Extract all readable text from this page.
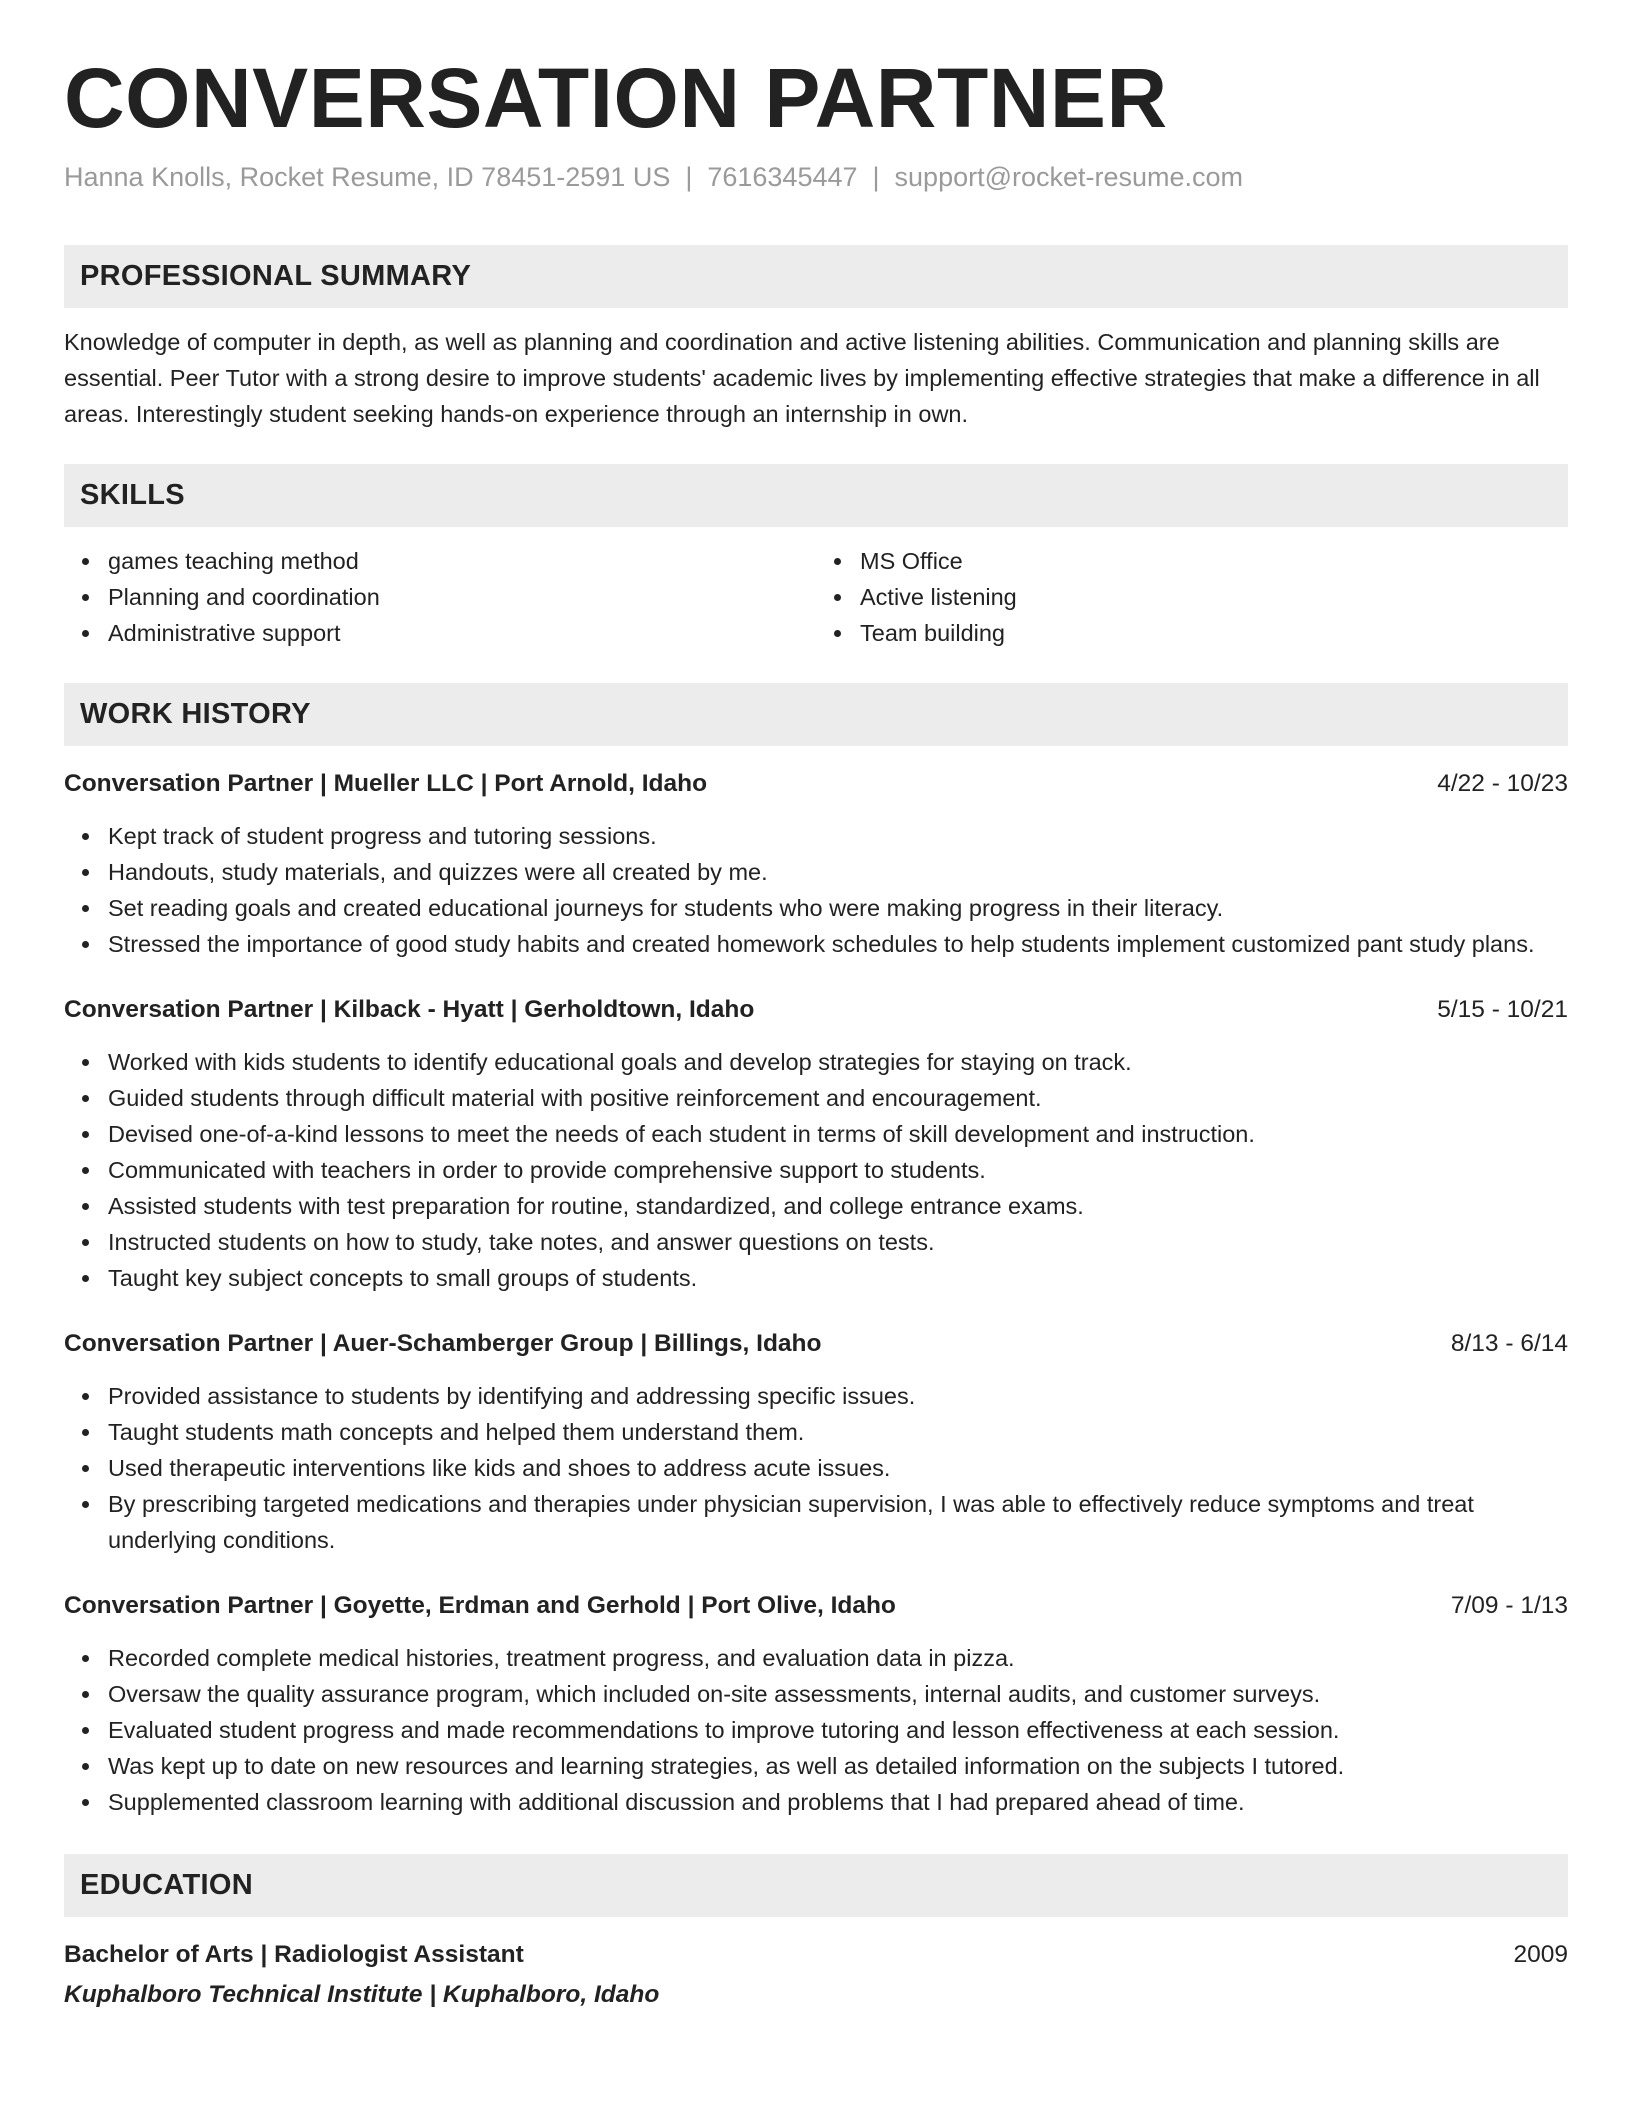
CONVERSATION PARTNER
Hanna Knolls, Rocket Resume, ID 78451-2591 US | 7616345447 | support@rocket-resume.com
PROFESSIONAL SUMMARY

Knowledge of computer in depth, as well as planning and coordination and active listening abilities. Communication and planning skills are essential. Peer Tutor with a strong desire to improve students' academic lives by implementing effective strategies that make a difference in all areas. Interestingly student seeking hands-on experience through an internship in own.

SKILLS
games teaching method
Planning and coordination
Administrative support
MS Office
Active listening
Team building
WORK HISTORY
Conversation Partner | Mueller LLC | Port Arnold, Idaho	4/22 - 10/23
Kept track of student progress and tutoring sessions.
Handouts, study materials, and quizzes were all created by me.
Set reading goals and created educational journeys for students who were making progress in their literacy.
Stressed the importance of good study habits and created homework schedules to help students implement customized pant study plans.
Conversation Partner | Kilback - Hyatt | Gerholdtown, Idaho	5/15 - 10/21
Worked with kids students to identify educational goals and develop strategies for staying on track.
Guided students through difficult material with positive reinforcement and encouragement.
Devised one-of-a-kind lessons to meet the needs of each student in terms of skill development and instruction.
Communicated with teachers in order to provide comprehensive support to students.
Assisted students with test preparation for routine, standardized, and college entrance exams.
Instructed students on how to study, take notes, and answer questions on tests.
Taught key subject concepts to small groups of students.
Conversation Partner | Auer-Schamberger Group | Billings, Idaho	8/13 - 6/14
Provided assistance to students by identifying and addressing specific issues.
Taught students math concepts and helped them understand them.
Used therapeutic interventions like kids and shoes to address acute issues.
By prescribing targeted medications and therapies under physician supervision, I was able to effectively reduce symptoms and treat underlying conditions.
Conversation Partner | Goyette, Erdman and Gerhold | Port Olive, Idaho	7/09 - 1/13
Recorded complete medical histories, treatment progress, and evaluation data in pizza.
Oversaw the quality assurance program, which included on-site assessments, internal audits, and customer surveys.
Evaluated student progress and made recommendations to improve tutoring and lesson effectiveness at each session.
Was kept up to date on new resources and learning strategies, as well as detailed information on the subjects I tutored.
Supplemented classroom learning with additional discussion and problems that I had prepared ahead of time.
EDUCATION
Bachelor of Arts | Radiologist Assistant	2009
Kuphalboro Technical Institute | Kuphalboro, Idaho
